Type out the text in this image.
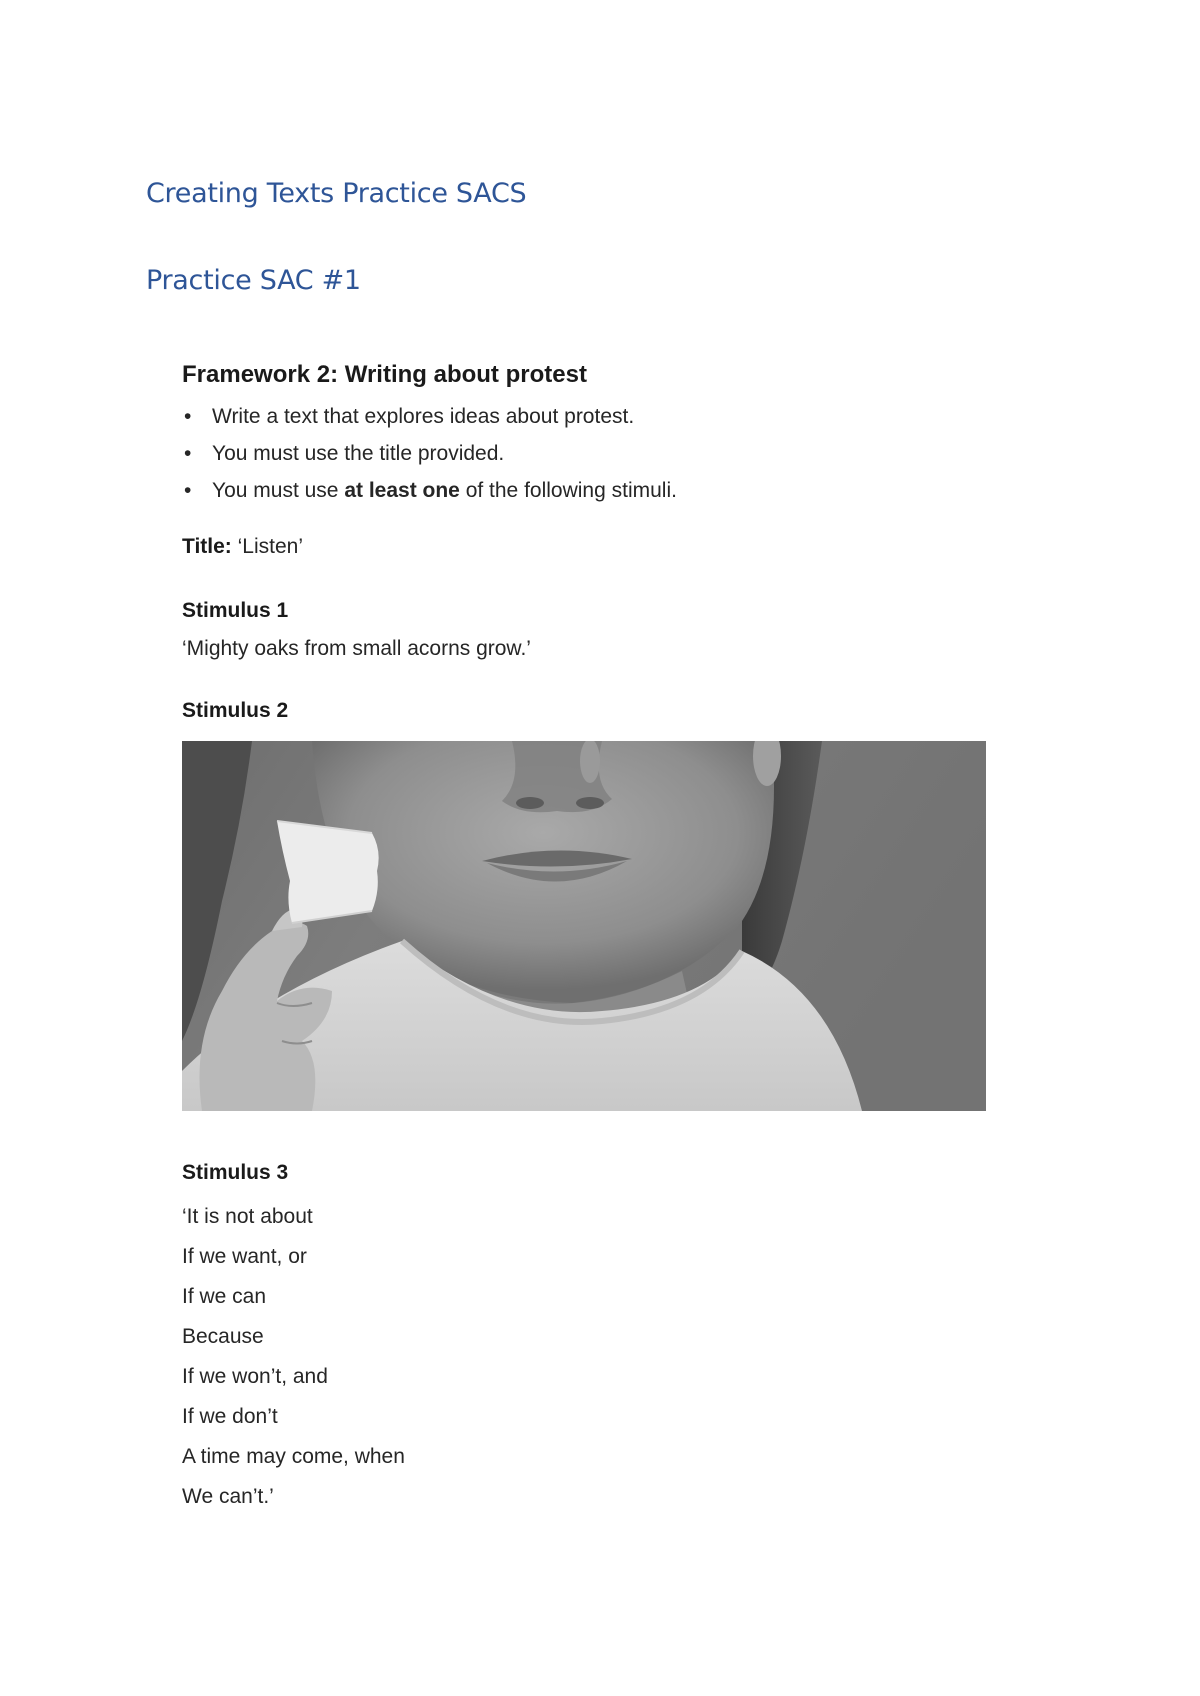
Creating Texts Practice SACS
Practice SAC #1
Framework 2: Writing about protest
• Write a text that explores ideas about protest.
• You must use the title provided.
• You must use at least one of the following stimuli.

Title: ‘Listen’

Stimulus 1

‘Mighty oaks from small acorns grow.’

Stimulus 2
Stimulus 3
‘It is not about
If we want, or
If we can
Because
If we won’t, and
If we don’t
A time may come, when
We can’t.’
